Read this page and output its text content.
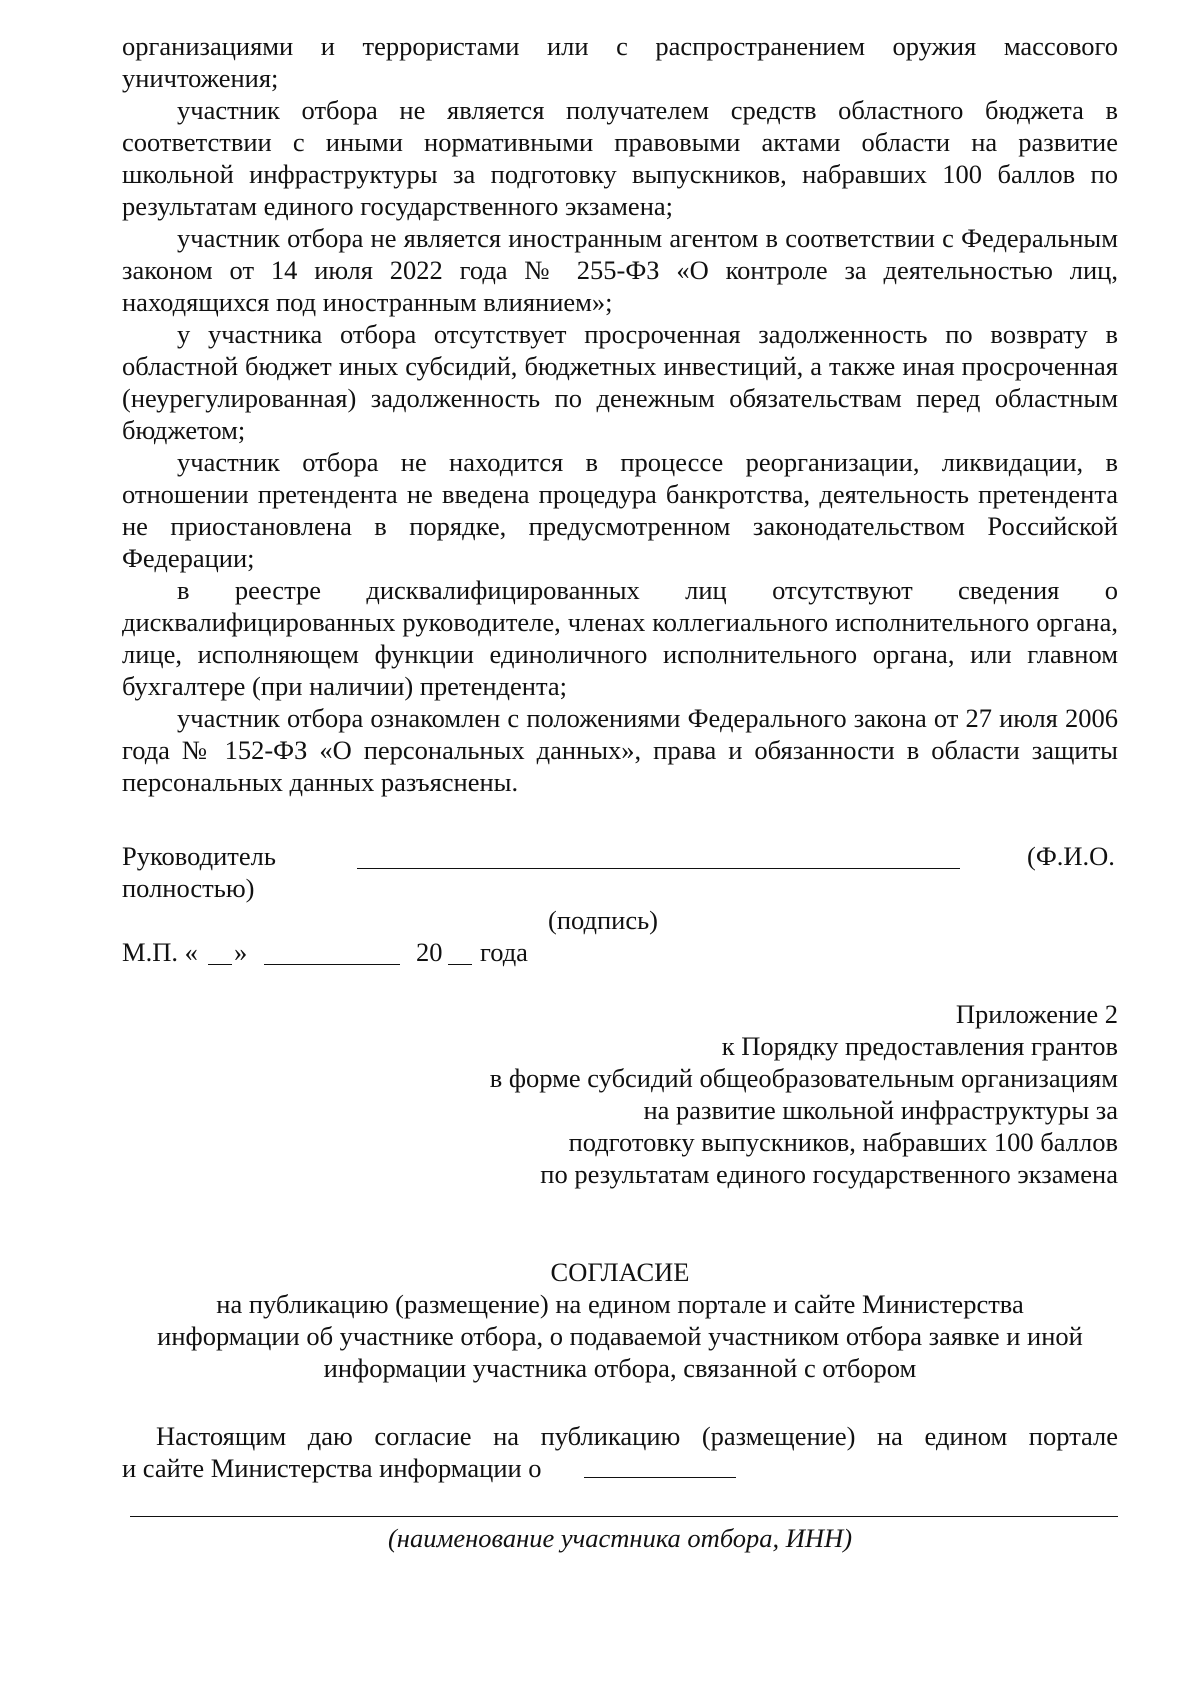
организациями и террористами или с распространением оружия массового

уничтожения;

участник отбора не является получателем средств областного бюджета в соответствии с иными нормативными правовыми актами области на развитие школьной инфраструктуры за подготовку выпускников, набравших 100 баллов по результатам единого государственного экзамена;

участник отбора не является иностранным агентом в соответствии с Федеральным законом от 14 июля 2022 года № 255-ФЗ «О контроле за деятельностью лиц, находящихся под иностранным влиянием»;

у участника отбора отсутствует просроченная задолженность по возврату в областной бюджет иных субсидий, бюджетных инвестиций, а также иная просроченная (неурегулированная) задолженность по денежным обязательствам перед областным бюджетом;

участник отбора не находится в процессе реорганизации, ликвидации, в отношении претендента не введена процедура банкротства, деятельность претендента не приостановлена в порядке, предусмотренном законодательством Российской Федерации;

в реестре дисквалифицированных лиц отсутствуют сведения о дисквалифицированных руководителе, членах коллегиального исполнительного органа, лице, исполняющем функции единоличного исполнительного органа, или главном бухгалтере (при наличии) претендента;

участник отбора ознакомлен с положениями Федерального закона от 27 июля 2006 года № 152-ФЗ «О персональных данных», права и обязанности в области защиты персональных данных разъяснены.

Руководитель	(Ф.И.О.
полностью)
(подпись)
М.П. « »	20 года
Приложение 2
к Порядку предоставления грантов
в форме субсидий общеобразовательным организациям
на развитие школьной инфраструктуры за
подготовку выпускников, набравших 100 баллов
по результатам единого государственного экзамена
СОГЛАСИЕ
на публикацию (размещение) на едином портале и сайте Министерства
информации об участнике отбора, о подаваемой участником отбора заявке и иной
информации участника отбора, связанной с отбором

Настоящим даю согласие на публикацию (размещение) на едином портале

и сайте Министерства информации о

(наименование участника отбора, ИНН)
